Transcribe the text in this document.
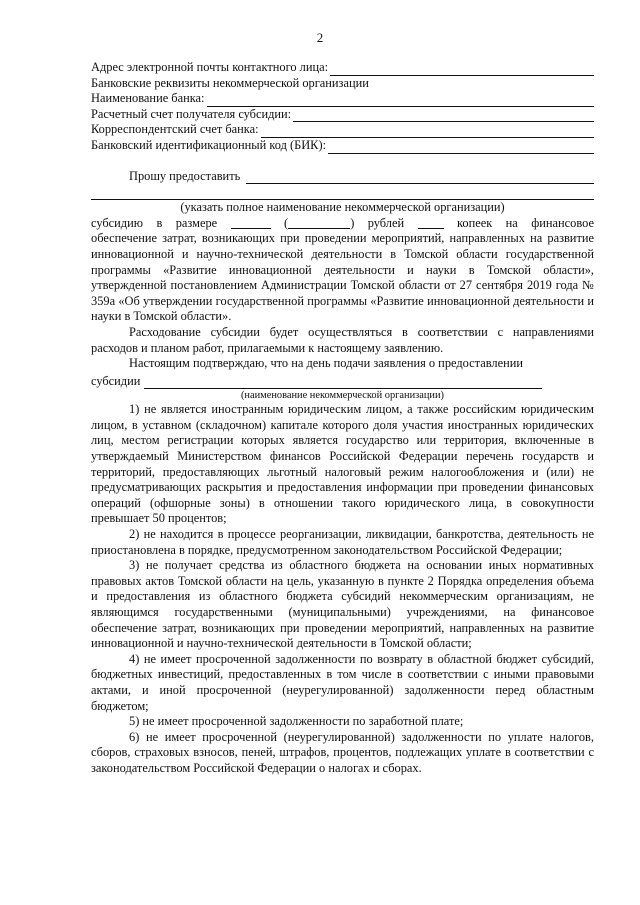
2
Адрес электронной почты контактного лица:
Банковские реквизиты некоммерческой организации
Наименование банка:
Расчетный счет получателя субсидии:
Корреспондентский счет банка:
Банковский идентификационный код (БИК):
Прошу предоставить
(указать полное наименование некоммерческой организации)
субсидию в размере	(	) рублей	копеек на финансовое
обеспечение затрат, возникающих при проведении мероприятий, направленных на развитие инновационной и научно-технической деятельности в Томской области государственной программы «Развитие инновационной деятельности и науки в Томской области», утвержденной постановлением Администрации Томской области от 27 сентября 2019 года № 359а «Об утверждении государственной программы «Развитие инновационной деятельности и науки в Томской области».
Расходование субсидии будет осуществляться в соответствии с направлениями расходов и планом работ, прилагаемыми к настоящему заявлению.
Настоящим подтверждаю, что на день подачи заявления о предоставлении
субсидии
(наименование некоммерческой организации)
1) не является иностранным юридическим лицом, а также российским юридическим лицом, в уставном (складочном) капитале которого доля участия иностранных юридических лиц, местом регистрации которых является государство или территория, включенные в утверждаемый Министерством финансов Российской Федерации перечень государств и территорий, предоставляющих льготный налоговый режим налогообложения и (или) не предусматривающих раскрытия и предоставления информации при проведении финансовых операций (офшорные зоны) в отношении такого юридического лица, в совокупности превышает 50 процентов;
2) не находится в процессе реорганизации, ликвидации, банкротства, деятельность не приостановлена в порядке, предусмотренном законодательством Российской Федерации;
3) не получает средства из областного бюджета на основании иных нормативных правовых актов Томской области на цель, указанную в пункте 2 Порядка определения объема и предоставления из областного бюджета субсидий некоммерческим организациям, не являющимся государственными (муниципальными) учреждениями, на финансовое обеспечение затрат, возникающих при проведении мероприятий, направленных на развитие инновационной и научно-технической деятельности в Томской области;
4) не имеет просроченной задолженности по возврату в областной бюджет субсидий, бюджетных инвестиций, предоставленных в том числе в соответствии с иными правовыми актами, и иной просроченной (неурегулированной) задолженности перед областным бюджетом;
5) не имеет просроченной задолженности по заработной плате;
6) не имеет просроченной (неурегулированной) задолженности по уплате налогов, сборов, страховых взносов, пеней, штрафов, процентов, подлежащих уплате в соответствии с законодательством Российской Федерации о налогах и сборах.
